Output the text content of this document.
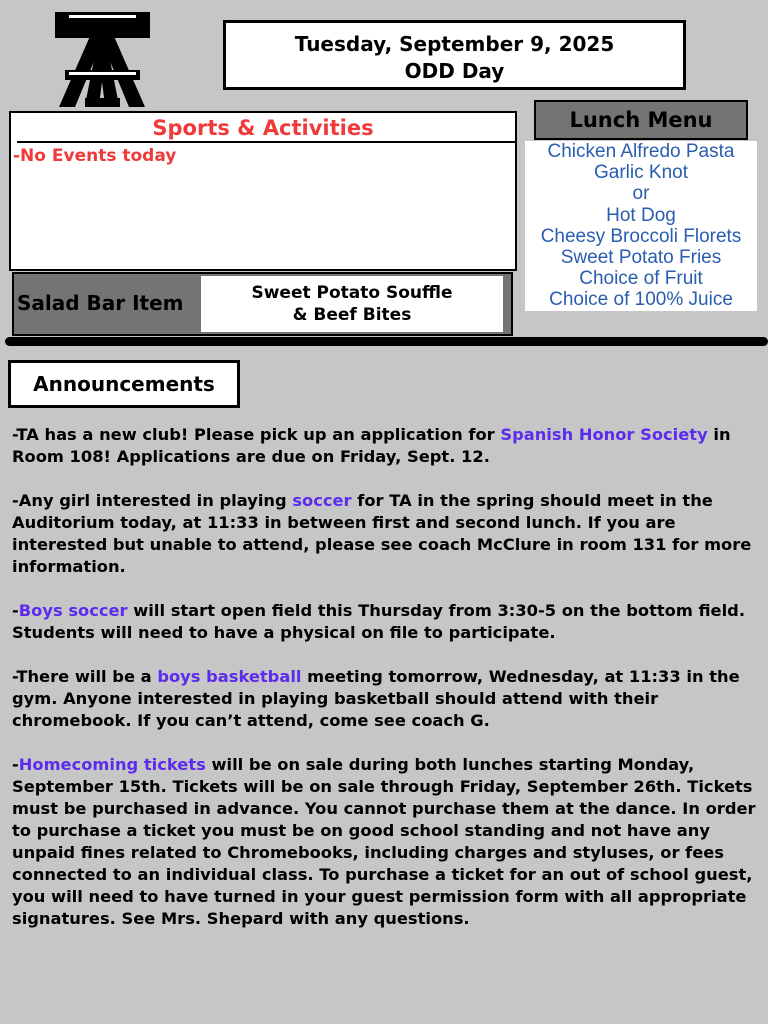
Tuesday, September 9, 2025
ODD Day
Sports & Activities
-No Events today
Lunch Menu
Chicken Alfredo Pasta
Garlic Knot
or
Hot Dog
Cheesy Broccoli Florets
Sweet Potato Fries
Choice of Fruit
Choice of 100% Juice
Salad Bar Item	Sweet Potato Souffle
& Beef Bites
Announcements

-TA has a new club! Please pick up an application for Spanish Honor Society in Room 108! Applications are due on Friday, Sept. 12.

-Any girl interested in playing soccer for TA in the spring should meet in the Auditorium today, at 11:33 in between first and second lunch. If you are interested but unable to attend, please see coach McClure in room 131 for more information.

-Boys soccer will start open field this Thursday from 3:30-5 on the bottom field. Students will need to have a physical on file to participate.

-There will be a boys basketball meeting tomorrow, Wednesday, at 11:33 in the gym. Anyone interested in playing basketball should attend with their chromebook. If you can’t attend, come see coach G.

-Homecoming tickets will be on sale during both lunches starting Monday, September 15th. Tickets will be on sale through Friday, September 26th. Tickets must be purchased in advance. You cannot purchase them at the dance. In order to purchase a ticket you must be on good school standing and not have any unpaid fines related to Chromebooks, including charges and styluses, or fees connected to an individual class. To purchase a ticket for an out of school guest, you will need to have turned in your guest permission form with all appropriate signatures. See Mrs. Shepard with any questions.
